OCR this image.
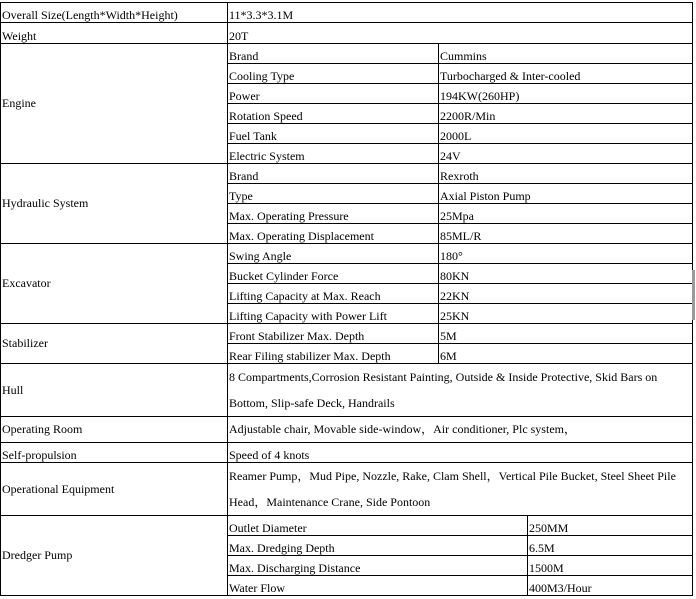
Overall Size(Length*Width*Height)	11*3.3*3.1M		
Weight	20T		
Engine	Brand	Cummins	
	Cooling Type	Turbocharged & Inter-cooled	
	Power	194KW(260HP)	
	Rotation Speed	2200R/Min	
	Fuel Tank	2000L	
	Electric System	24V	
Hydraulic System	Brand	Rexroth	
	Type	Axial Piston Pump	
	Max. Operating Pressure	25Mpa	
	Max. Operating Displacement	85ML/R	
Excavator	Swing Angle	180°	
	Bucket Cylinder Force	80KN	
	Lifting Capacity at Max. Reach	22KN	
	Lifting Capacity with Power Lift	25KN	
Stabilizer	Front Stabilizer Max. Depth	5M	
	Rear Filing stabilizer Max. Depth	6M	
Hull	8 Compartments,Corrosion Resistant Painting, Outside & Inside Protective, Skid Bars on Bottom, Slip-safe Deck, Handrails		
Operating Room	Adjustable chair, Movable side-window，Air conditioner, Plc system，		
Self-propulsion	Speed of 4 knots		
Operational Equipment	Reamer Pump，Mud Pipe, Nozzle, Rake, Clam Shell，Vertical Pile Bucket, Steel Sheet Pile Head，Maintenance Crane, Side Pontoon		
Dredger Pump	Outlet Diameter		250MM
	Max. Dredging Depth		6.5M
	Max. Discharging Distance		1500M
	Water Flow		400M3/Hour
